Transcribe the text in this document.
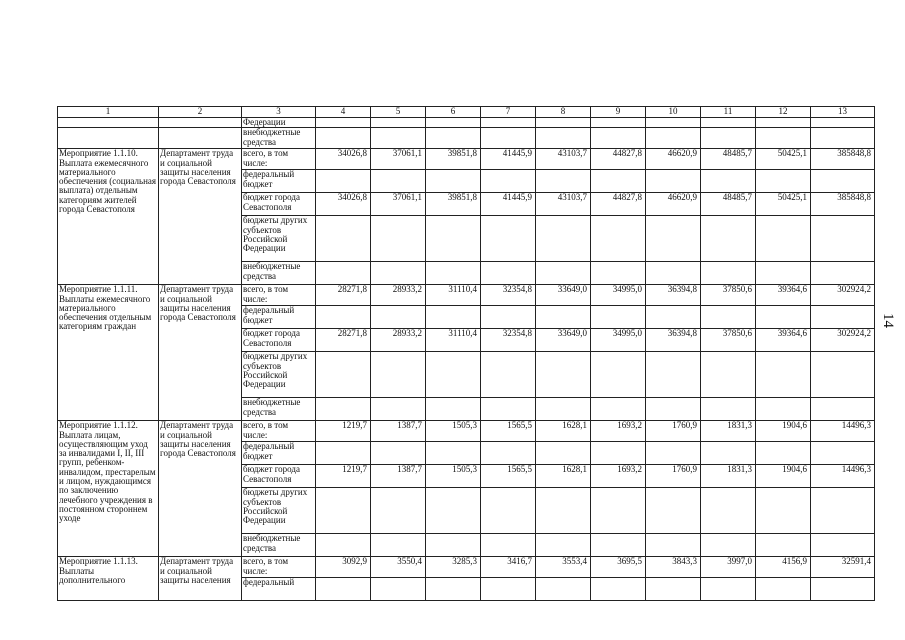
14
1	2	3	4	5	6	7	8	9	10	11	12	13
		Федерации										
		внебюджетные средства										
Мероприятие 1.1.10. Выплата ежемесячного материального обеспечения (социальная выплата) отдельным категориям жителей города Севастополя	Департамент труда и социальной защиты населения города Севастополя	всего, в том числе:	34026,8	37061,1	39851,8	41445,9	43103,7	44827,8	46620,9	48485,7	50425,1	385848,8
		федеральный бюджет										
		бюджет города Севастополя	34026,8	37061,1	39851,8	41445,9	43103,7	44827,8	46620,9	48485,7	50425,1	385848,8
		бюджеты других субъектов Российской Федерации										
		внебюджетные средства										
Мероприятие 1.1.11. Выплаты ежемесячного материального обеспечения отдельным категориям граждан	Департамент труда и социальной защиты населения города Севастополя	всего, в том числе:	28271,8	28933,2	31110,4	32354,8	33649,0	34995,0	36394,8	37850,6	39364,6	302924,2
		федеральный бюджет										
		бюджет города Севастополя	28271,8	28933,2	31110,4	32354,8	33649,0	34995,0	36394,8	37850,6	39364,6	302924,2
		бюджеты других субъектов Российской Федерации										
		внебюджетные средства										
Мероприятие 1.1.12. Выплата лицам, осуществляющим уход за инвалидами I, II, III групп, ребенком-инвалидом, престарелым и лицом, нуждающимся по заключению лечебного учреждения в постоянном стороннем уходе	Департамент труда и социальной защиты населения города Севастополя	всего, в том числе:	1219,7	1387,7	1505,3	1565,5	1628,1	1693,2	1760,9	1831,3	1904,6	14496,3
		федеральный бюджет										
		бюджет города Севастополя	1219,7	1387,7	1505,3	1565,5	1628,1	1693,2	1760,9	1831,3	1904,6	14496,3
		бюджеты других субъектов Российской Федерации										
		внебюджетные средства										
Мероприятие 1.1.13. Выплаты дополнительного	Департамент труда и социальной защиты населения	всего, в том числе:	3092,9	3550,4	3285,3	3416,7	3553,4	3695,5	3843,3	3997,0	4156,9	32591,4
		федеральный										
